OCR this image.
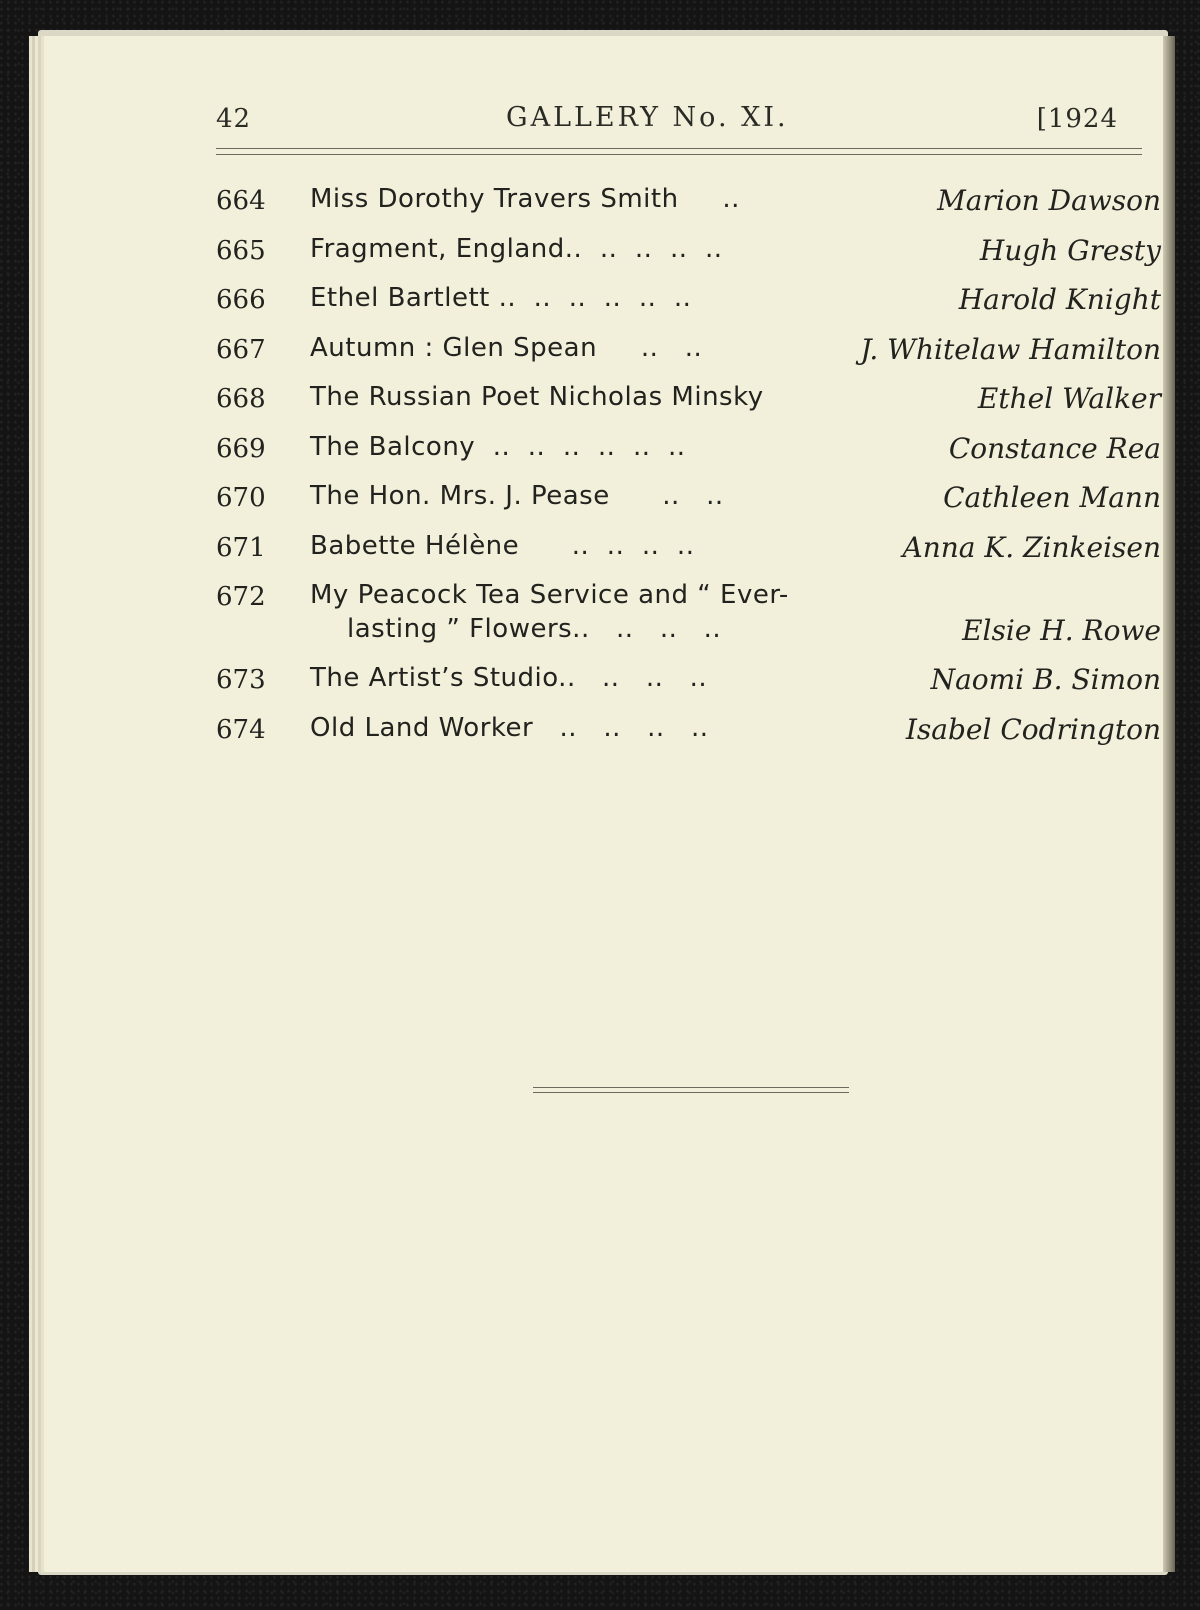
42	GALLERY No. XI.	[1924
664 Miss Dorothy Travers Smith     ..	Marion Dawson
665 Fragment, England..  ..  ..  ..  ..	Hugh Gresty
666 Ethel Bartlett ..  ..  ..  ..  ..  ..	Harold Knight
667 Autumn : Glen Spean     ..   ..	J. Whitelaw Hamilton
668 The Russian Poet Nicholas Minsky	Ethel Walker
669 The Balcony  ..  ..  ..  ..  ..  ..	Constance Rea
670 The Hon. Mrs. J. Pease      ..   ..	Cathleen Mann
671 Babette Hélène      ..  ..  ..  ..	Anna K. Zinkeisen
672 My Peacock Tea Service and “ Ever-
lasting ” Flowers..   ..   ..   ..	Elsie H. Rowe
673 The Artist’s Studio..   ..   ..   ..	Naomi B. Simon
674 Old Land Worker   ..   ..   ..   ..	Isabel Codrington
